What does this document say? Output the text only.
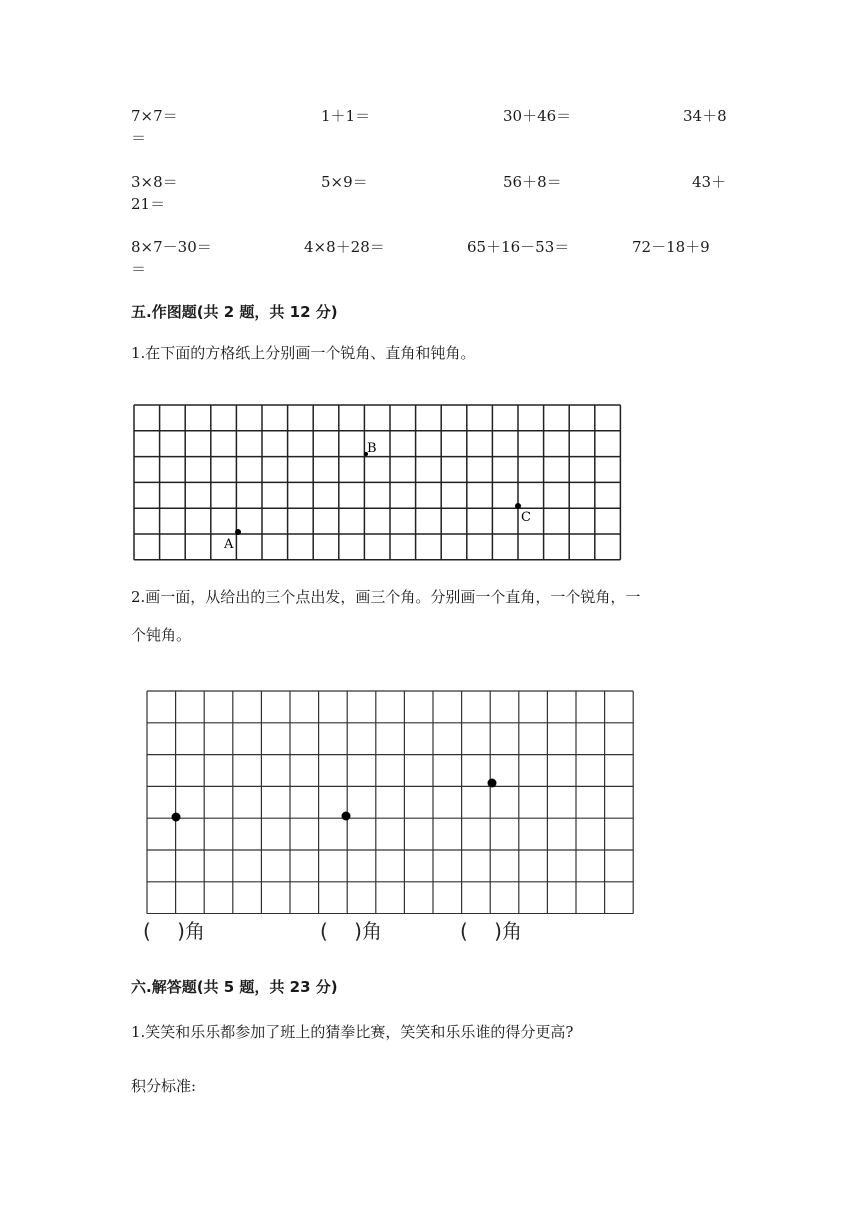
7×7＝	1＋1＝	30＋46＝	34＋8
＝
3×8＝	5×9＝	56＋8＝	43＋
21＝
8×7－30＝	4×8＋28＝	65＋16－53＝	72－18＋9
＝
五.作图题(共 2 题，共 12 分)
1.在下面的方格纸上分别画一个锐角、直角和钝角。
A
B
C
2.画一面，从给出的三个点出发，画三个角。分别画一个直角，一个锐角，一
个钝角。
(　 )角	(　 )角	(　 )角
六.解答题(共 5 题，共 23 分)
1.笑笑和乐乐都参加了班上的猜拳比赛，笑笑和乐乐谁的得分更高?
积分标准:
